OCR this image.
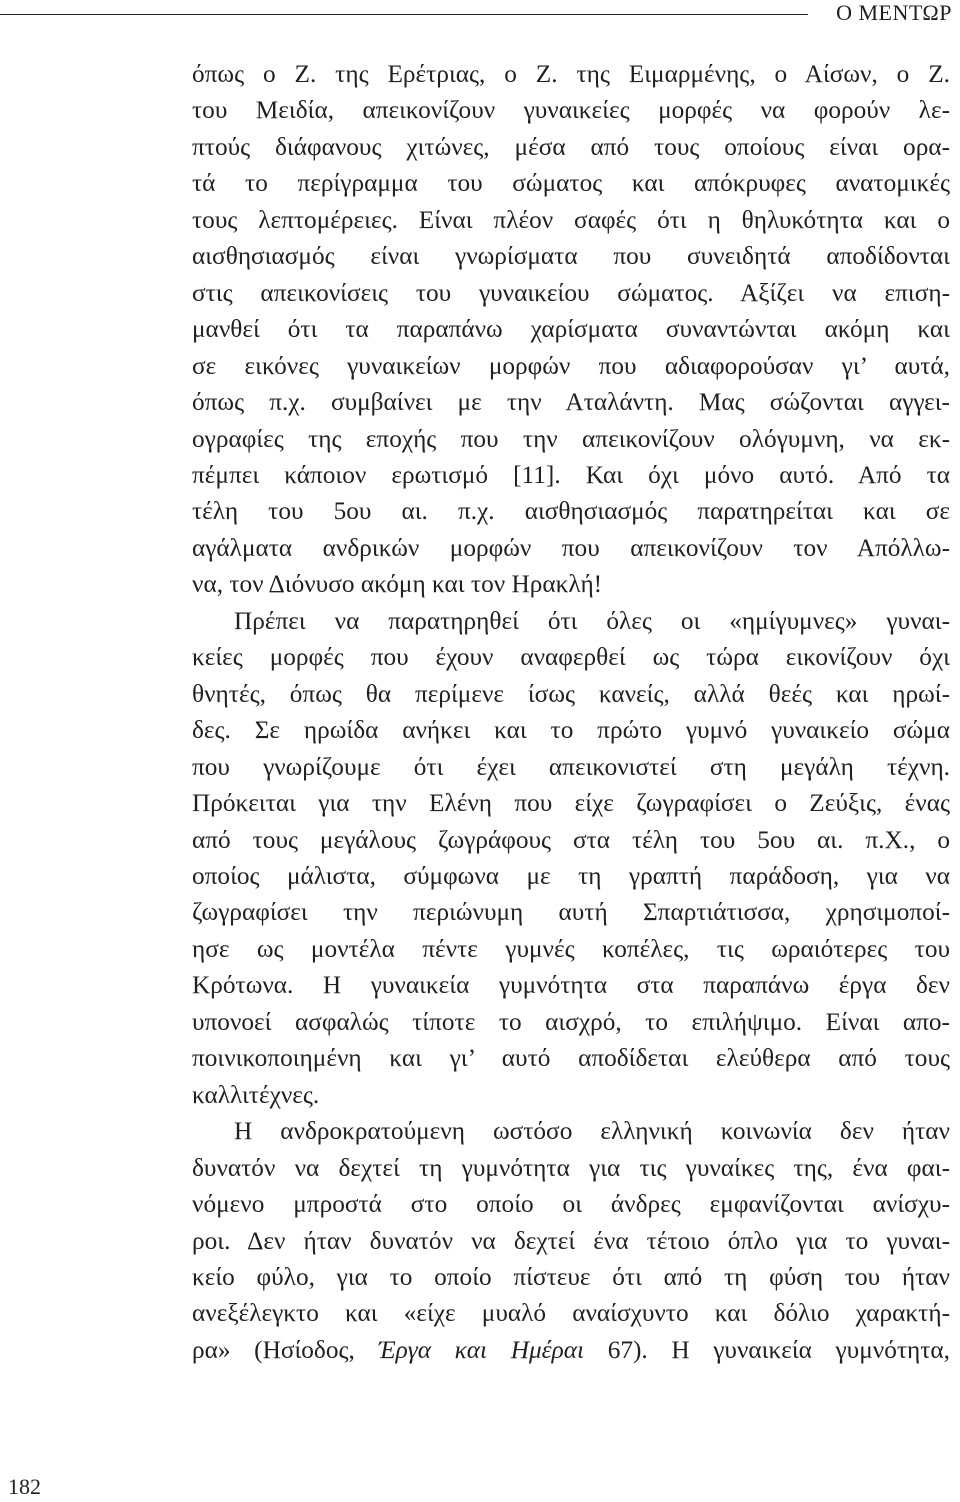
Ο ΜΕΝΤΩΡ
όπως ο Ζ. της Ερέτριας, ο Ζ. της Ειμαρμένης, ο Αίσων, ο Ζ.
του Μειδία, απεικονίζουν γυναικείες μορφές να φορούν λε-
πτούς διάφανους χιτώνες, μέσα από τους οποίους είναι ορα-
τά το περίγραμμα του σώματος και απόκρυφες ανατομικές
τους λεπτομέρειες. Είναι πλέον σαφές ότι η θηλυκότητα και ο
αισθησιασμός είναι γνωρίσματα που συνειδητά αποδίδονται
στις απεικονίσεις του γυναικείου σώματος. Αξίζει να επιση-
μανθεί ότι τα παραπάνω χαρίσματα συναντώνται ακόμη και
σε εικόνες γυναικείων μορφών που αδιαφορούσαν γι’ αυτά,
όπως π.χ. συμβαίνει με την Αταλάντη. Μας σώζονται αγγει-
ογραφίες της εποχής που την απεικονίζουν ολόγυμνη, να εκ-
πέμπει κάποιον ερωτισμό [11]. Και όχι μόνο αυτό. Από τα
τέλη του 5ου αι. π.χ. αισθησιασμός παρατηρείται και σε
αγάλματα ανδρικών μορφών που απεικονίζουν τον Απόλλω-
να, τον Διόνυσο ακόμη και τον Ηρακλή!
Πρέπει να παρατηρηθεί ότι όλες οι «ημίγυμνες» γυναι-
κείες μορφές που έχουν αναφερθεί ως τώρα εικονίζουν όχι
θνητές, όπως θα περίμενε ίσως κανείς, αλλά θεές και ηρωί-
δες. Σε ηρωίδα ανήκει και το πρώτο γυμνό γυναικείο σώμα
που γνωρίζουμε ότι έχει απεικονιστεί στη μεγάλη τέχνη.
Πρόκειται για την Ελένη που είχε ζωγραφίσει ο Ζεύξις, ένας
από τους μεγάλους ζωγράφους στα τέλη του 5ου αι. π.Χ., ο
οποίος μάλιστα, σύμφωνα με τη γραπτή παράδοση, για να
ζωγραφίσει την περιώνυμη αυτή Σπαρτιάτισσα, χρησιμοποί-
ησε ως μοντέλα πέντε γυμνές κοπέλες, τις ωραιότερες του
Κρότωνα. Η γυναικεία γυμνότητα στα παραπάνω έργα δεν
υπονοεί ασφαλώς τίποτε το αισχρό, το επιλήψιμο. Είναι απο-
ποινικοποιημένη και γι’ αυτό αποδίδεται ελεύθερα από τους
καλλιτέχνες.
Η ανδροκρατούμενη ωστόσο ελληνική κοινωνία δεν ήταν
δυνατόν να δεχτεί τη γυμνότητα για τις γυναίκες της, ένα φαι-
νόμενο μπροστά στο οποίο οι άνδρες εμφανίζονται ανίσχυ-
ροι. Δεν ήταν δυνατόν να δεχτεί ένα τέτοιο όπλο για το γυναι-
κείο φύλο, για το οποίο πίστευε ότι από τη φύση του ήταν
ανεξέλεγκτο και «είχε μυαλό αναίσχυντο και δόλιο χαρακτή-
ρα» (Ησίοδος, Έργα και Ημέραι 67). Η γυναικεία γυμνότητα,
182
